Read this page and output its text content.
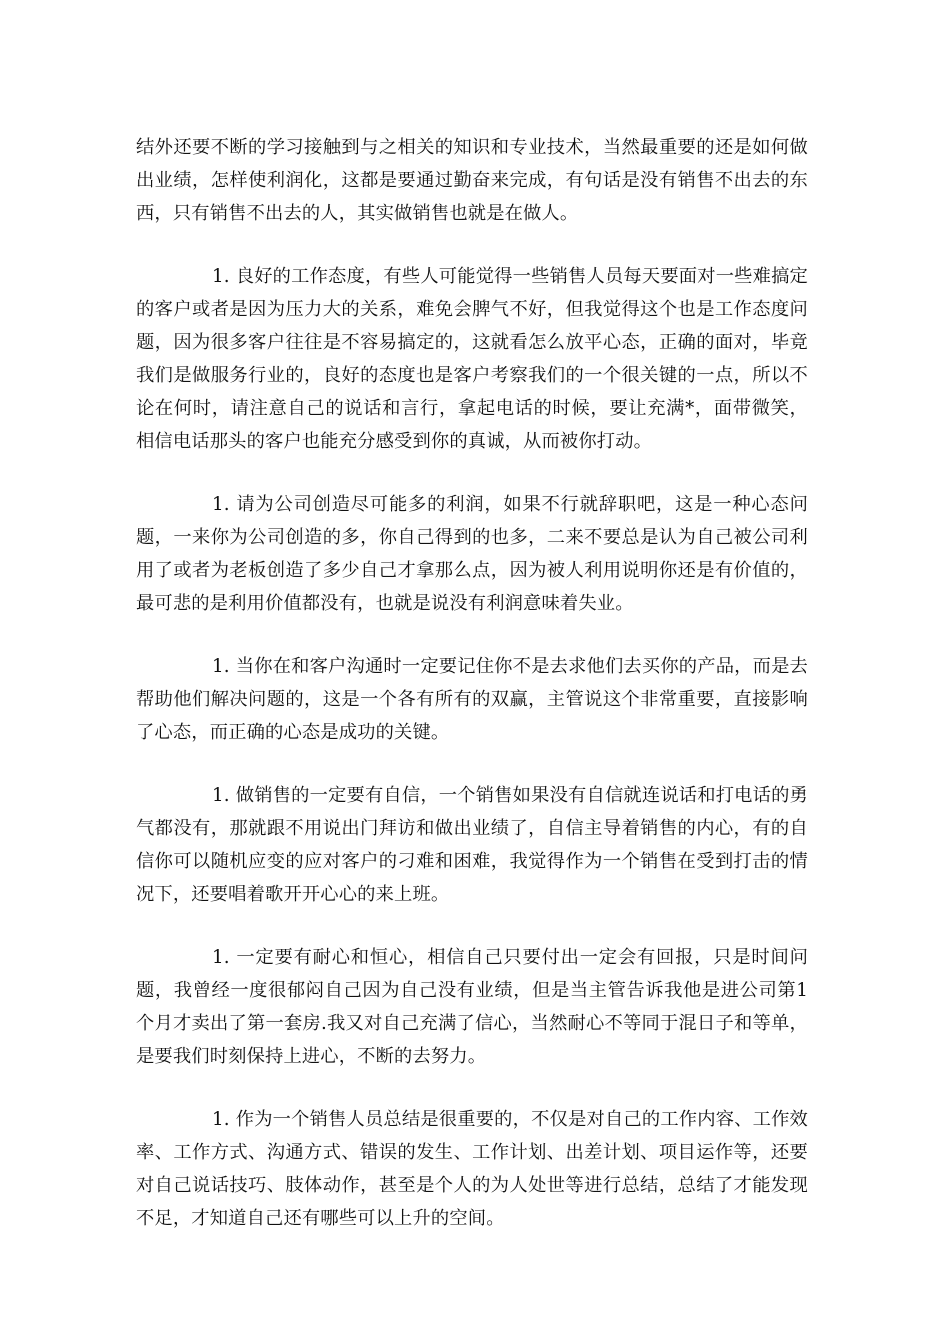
结外还要不断的学习接触到与之相关的知识和专业技术，当然最重要的还是如何做出业绩，怎样使利润化，这都是要通过勤奋来完成，有句话是没有销售不出去的东西，只有销售不出去的人，其实做销售也就是在做人。

1. 良好的工作态度，有些人可能觉得一些销售人员每天要面对一些难搞定的客户或者是因为压力大的关系，难免会脾气不好，但我觉得这个也是工作态度问题，因为很多客户往往是不容易搞定的，这就看怎么放平心态，正确的面对，毕竟我们是做服务行业的，良好的态度也是客户考察我们的一个很关键的一点，所以不论在何时，请注意自己的说话和言行，拿起电话的时候，要让充满*，面带微笑，相信电话那头的客户也能充分感受到你的真诚，从而被你打动。

1. 请为公司创造尽可能多的利润，如果不行就辞职吧，这是一种心态问题，一来你为公司创造的多，你自己得到的也多，二来不要总是认为自己被公司利用了或者为老板创造了多少自己才拿那么点，因为被人利用说明你还是有价值的，最可悲的是利用价值都没有，也就是说没有利润意味着失业。

1. 当你在和客户沟通时一定要记住你不是去求他们去买你的产品，而是去帮助他们解决问题的，这是一个各有所有的双赢，主管说这个非常重要，直接影响了心态，而正确的心态是成功的关键。

1. 做销售的一定要有自信，一个销售如果没有自信就连说话和打电话的勇气都没有，那就跟不用说出门拜访和做出业绩了，自信主导着销售的内心，有的自信你可以随机应变的应对客户的刁难和困难，我觉得作为一个销售在受到打击的情况下，还要唱着歌开开心心的来上班。

1. 一定要有耐心和恒心，相信自己只要付出一定会有回报，只是时间问题，我曾经一度很郁闷自己因为自己没有业绩，但是当主管告诉我他是进公司第1个月才卖出了第一套房.我又对自己充满了信心，当然耐心不等同于混日子和等单，是要我们时刻保持上进心，不断的去努力。

1. 作为一个销售人员总结是很重要的，不仅是对自己的工作内容、工作效率、工作方式、沟通方式、错误的发生、工作计划、出差计划、项目运作等，还要对自己说话技巧、肢体动作，甚至是个人的为人处世等进行总结，总结了才能发现不足，才知道自己还有哪些可以上升的空间。
